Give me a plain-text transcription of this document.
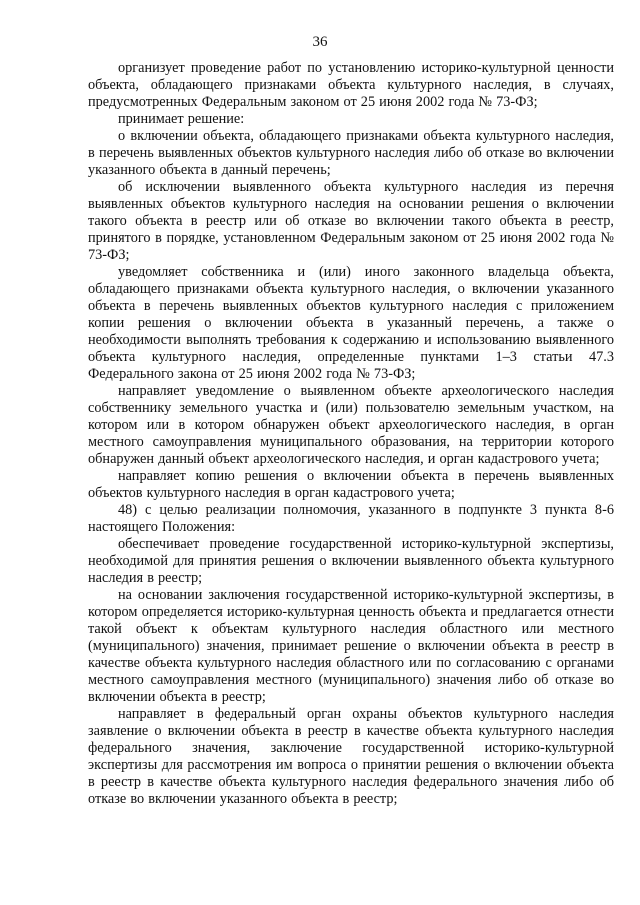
36

организует проведение работ по установлению историко-культурной ценности объекта, обладающего признаками объекта культурного наследия, в случаях, предусмотренных Федеральным законом от 25 июня 2002 года № 73-ФЗ;

принимает решение:

о включении объекта, обладающего признаками объекта культурного наследия, в перечень выявленных объектов культурного наследия либо об отказе во включении указанного объекта в данный перечень;

об исключении выявленного объекта культурного наследия из перечня выявленных объектов культурного наследия на основании решения о включении такого объекта в реестр или об отказе во включении такого объекта в реестр, принятого в порядке, установленном Федеральным законом от 25 июня 2002 года № 73-ФЗ;

уведомляет собственника и (или) иного законного владельца объекта, обладающего признаками объекта культурного наследия, о включении указанного объекта в перечень выявленных объектов культурного наследия с приложением копии решения о включении объекта в указанный перечень, а также о необходимости выполнять требования к содержанию и использованию выявленного объекта культурного наследия, определенные пунктами 1–3 статьи 47.3 Федерального закона от 25 июня 2002 года № 73-ФЗ;

направляет уведомление о выявленном объекте археологического наследия собственнику земельного участка и (или) пользователю земельным участком, на котором или в котором обнаружен объект археологического наследия, в орган местного самоуправления муниципального образования, на территории которого обнаружен данный объект археологического наследия, и орган кадастрового учета;

направляет копию решения о включении объекта в перечень выявленных объектов культурного наследия в орган кадастрового учета;

48) с целью реализации полномочия, указанного в подпункте 3 пункта 8-6 настоящего Положения:

обеспечивает проведение государственной историко-культурной экспертизы, необходимой для принятия решения о включении выявленного объекта культурного наследия в реестр;

на основании заключения государственной историко-культурной экспертизы, в котором определяется историко-культурная ценность объекта и предлагается отнести такой объект к объектам культурного наследия областного или местного (муниципального) значения, принимает решение о включении объекта в реестр в качестве объекта культурного наследия областного или по согласованию с органами местного самоуправления местного (муниципального) значения либо об отказе во включении объекта в реестр;

направляет в федеральный орган охраны объектов культурного наследия заявление о включении объекта в реестр в качестве объекта культурного наследия федерального значения, заключение государственной историко-культурной экспертизы для рассмотрения им вопроса о принятии решения о включении объекта в реестр в качестве объекта культурного наследия федерального значения либо об отказе во включении указанного объекта в реестр;
